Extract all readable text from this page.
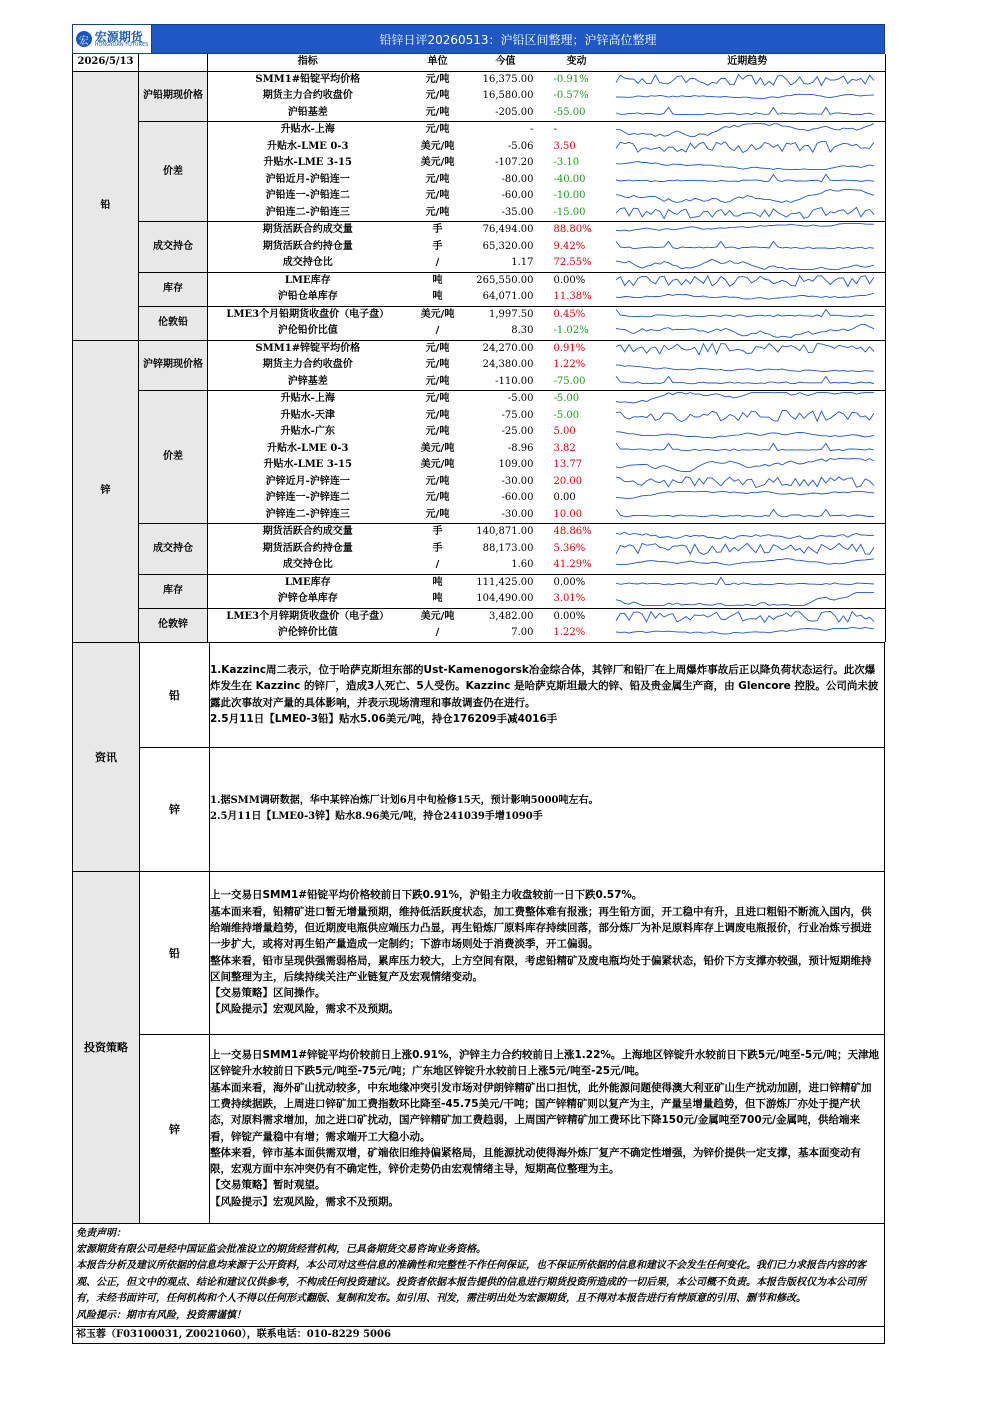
宏 宏源期货
HONGYUAN FUTURES	铅锌日评20260513：沪铅区间整理；沪锌高位整理
2026/5/13		指标	单位	今值	变动	近期趋势
铅	沪铅期现价格	SMM1#铅锭平均价格	元/吨	16,375.00	-0.91%	

		期货主力合约收盘价	元/吨	16,580.00	-0.57%	

		沪铅基差	元/吨	-205.00	-55.00	

	价差	升贴水-上海	元/吨	-	-	

		升贴水-LME 0-3	美元/吨	-5.06	3.50	

		升贴水-LME 3-15	美元/吨	-107.20	-3.10	

		沪铅近月-沪铅连一	元/吨	-80.00	-40.00	

		沪铅连一-沪铅连二	元/吨	-60.00	-10.00	

		沪铅连二-沪铅连三	元/吨	-35.00	-15.00	

	成交持仓	期货活跃合约成交量	手	76,494.00	88.80%	

		期货活跃合约持仓量	手	65,320.00	9.42%	

		成交持仓比	/	1.17	72.55%	

	库存	LME库存	吨	265,550.00	0.00%	

		沪铅仓单库存	吨	64,071.00	11.38%	

	伦敦铅	LME3个月铅期货收盘价（电子盘）	美元/吨	1,997.50	0.45%	

		沪伦铅价比值	/	8.30	-1.02%	

锌	沪锌期现价格	SMM1#锌锭平均价格	元/吨	24,270.00	0.91%	

		期货主力合约收盘价	元/吨	24,380.00	1.22%	

		沪锌基差	元/吨	-110.00	-75.00	

	价差	升贴水-上海	元/吨	-5.00	-5.00	

		升贴水-天津	元/吨	-75.00	-5.00	

		升贴水-广东	元/吨	-25.00	5.00	

		升贴水-LME 0-3	美元/吨	-8.96	3.82	

		升贴水-LME 3-15	美元/吨	109.00	13.77	

		沪锌近月-沪锌连一	元/吨	-30.00	20.00	

		沪锌连一-沪锌连二	元/吨	-60.00	0.00	

		沪锌连二-沪锌连三	元/吨	-30.00	10.00	

	成交持仓	期货活跃合约成交量	手	140,871.00	48.86%	

		期货活跃合约持仓量	手	88,173.00	5.36%	

		成交持仓比	/	1.60	41.29%	

	库存	LME库存	吨	111,425.00	0.00%	

		沪锌仓单库存	吨	104,490.00	3.01%	

	伦敦锌	LME3个月锌期货收盘价（电子盘）	美元/吨	3,482.00	0.00%	

		沪伦锌价比值	/	7.00	1.22%	
资讯
铅

1.Kazzinc周二表示，位于哈萨克斯坦东部的Ust-Kamenogorsk冶金综合体，其锌厂和铅厂在上周爆炸事故后正以降负荷状态运行。此次爆炸发生在 Kazzinc 的锌厂，造成3人死亡、5人受伤。Kazzinc 是哈萨克斯坦最大的锌、铅及贵金属生产商，由 Glencore 控股。公司尚未披露此次事故对产量的具体影响，并表示现场清理和事故调查仍在进行。

2.5月11日【LME0-3铅】贴水5.06美元/吨，持仓176209手减4016手

锌

1.据SMM调研数据，华中某锌冶炼厂计划6月中旬检修15天，预计影响5000吨左右。

2.5月11日【LME0-3锌】贴水8.96美元/吨，持仓241039手增1090手

投资策略
铅

上一交易日SMM1#铅锭平均价格较前日下跌0.91%，沪铅主力收盘较前一日下跌0.57%。

基本面来看，铅精矿进口暂无增量预期，维持低活跃度状态，加工费整体难有报涨；再生铅方面，开工稳中有升，且进口粗铅不断流入国内，供给端维持增量趋势，但近期废电瓶供应端压力凸显，再生铅炼厂原料库存持续回落，部分炼厂为补足原料库存上调废电瓶报价，行业冶炼亏损进一步扩大，或将对再生铅产量造成一定制约；下游市场则处于消费淡季，开工偏弱。

整体来看，铅市呈现供强需弱格局，累库压力较大，上方空间有限，考虑铅精矿及废电瓶均处于偏紧状态，铅价下方支撑亦较强，预计短期维持区间整理为主，后续持续关注产业链复产及宏观情绪变动。

【交易策略】区间操作。

【风险提示】宏观风险，需求不及预期。

锌

上一交易日SMM1#锌锭平均价较前日上涨0.91%，沪锌主力合约较前日上涨1.22%。上海地区锌锭升水较前日下跌5元/吨至-5元/吨；天津地区锌锭升水较前日下跌5元/吨至-75元/吨；广东地区锌锭升水较前日上涨5元/吨至-25元/吨。

基本面来看，海外矿山扰动较多，中东地缘冲突引发市场对伊朗锌精矿出口担忧，此外能源问题使得澳大利亚矿山生产扰动加剧，进口锌精矿加工费持续据跌，上周进口锌矿加工费指数环比降至-45.75美元/干吨；国产锌精矿则以复产为主，产量呈增量趋势，但下游炼厂亦处于提产状态，对原料需求增加，加之进口矿扰动，国产锌精矿加工费趋弱，上周国产锌精矿加工费环比下降150元/金属吨至700元/金属吨，供给端来看，锌锭产量稳中有增；需求端开工大稳小动。

整体来看，锌市基本面供需双增，矿端依旧维持偏紧格局，且能源扰动使得海外炼厂复产不确定性增强，为锌价提供一定支撑，基本面变动有限，宏观方面中东冲突仍有不确定性，锌价走势仍由宏观情绪主导，短期高位整理为主。

【交易策略】暂时观望。

【风险提示】宏观风险，需求不及预期。

免责声明：

宏源期货有限公司是经中国证监会批准设立的期货经营机构，已具备期货交易咨询业务资格。

本报告分析及建议所依据的信息均来源于公开资料，本公司对这些信息的准确性和完整性不作任何保证，也不保证所依据的信息和建议不会发生任何变化。我们已力求报告内容的客观、公正，但文中的观点、结论和建议仅供参考，不构成任何投资建议。投资者依据本报告提供的信息进行期货投资所造成的一切后果，本公司概不负责。本报告版权仅为本公司所有，未经书面许可，任何机构和个人不得以任何形式翻版、复制和发布。如引用、刊发，需注明出处为宏源期货，且不得对本报告进行有悖原意的引用、删节和修改。

风险提示：期市有风险，投资需谨慎！

祁玉蓉（F03100031, Z0021060），联系电话：010-8229 5006
